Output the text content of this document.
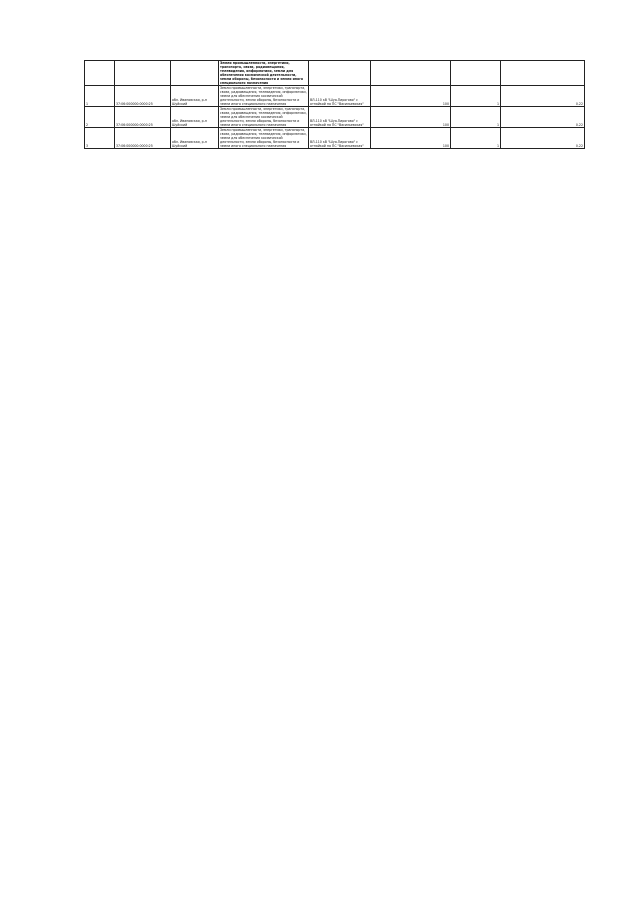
			Земли промышленности, энергетики, транспорта, связи, радиовещания, телевидения, информатики, земли для обеспечения космической деятельности, земли обороны, безопасности и земли иного специального назначения				
1	37:06:000000:0000:25	обл. Ивановская, р-н Шуйский	Земли промышленности, энергетики, транспорта, связи, радиовещания, телевидения, информатики, земли для обеспечения космической деятельности, земли обороны, безопасности и земли иного специального назначения	ВЛ-110 кВ "Шуя-Пирогово" с отпайкой на ПС "Васильевская"	100	1	0.22
2	37:06:000000:0000:25	обл. Ивановская, р-н Шуйский	Земли промышленности, энергетики, транспорта, связи, радиовещания, телевидения, информатики, земли для обеспечения космической деятельности, земли обороны, безопасности и земли иного специального назначения	ВЛ-110 кВ "Шуя-Пирогово" с отпайкой на ПС "Васильевская"	100	1	0.22
3	37:06:000000:0000:25	обл. Ивановская, р-н Шуйский	Земли промышленности, энергетики, транспорта, связи, радиовещания, телевидения, информатики, земли для обеспечения космической деятельности, земли обороны, безопасности и земли иного специального назначения	ВЛ-110 кВ "Шуя-Пирогово" с отпайкой на ПС "Васильевская"	100	1	0.22
